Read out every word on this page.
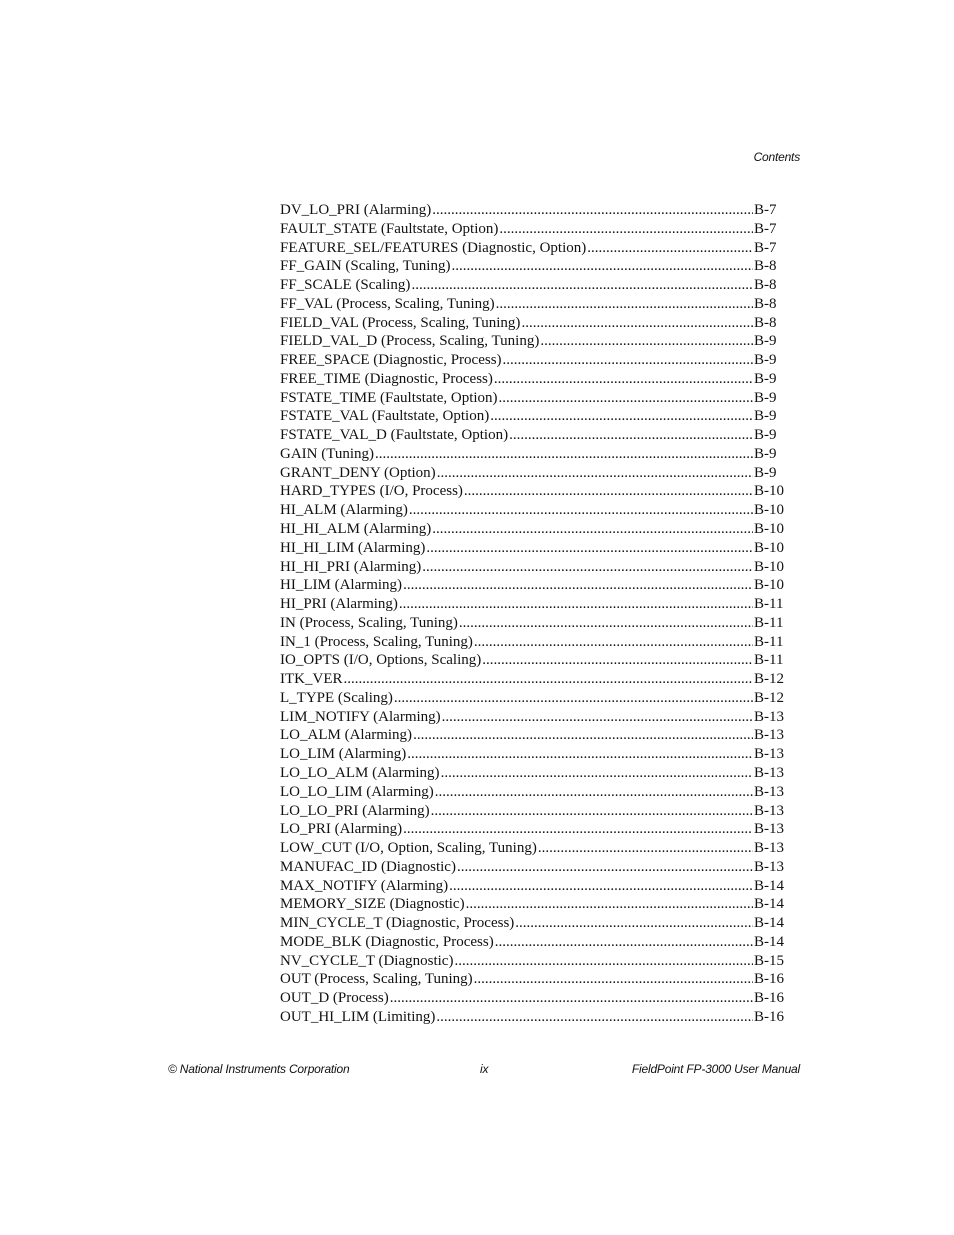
Contents
DV_LO_PRI (Alarming) .....	B-7
FAULT_STATE (Faultstate, Option) .....	B-7
FEATURE_SEL/FEATURES (Diagnostic, Option) .....	B-7
FF_GAIN (Scaling, Tuning) .....	B-8
FF_SCALE (Scaling) .....	B-8
FF_VAL (Process, Scaling, Tuning) .....	B-8
FIELD_VAL (Process, Scaling, Tuning) .....	B-8
FIELD_VAL_D (Process, Scaling, Tuning) .....	B-9
FREE_SPACE (Diagnostic, Process) .....	B-9
FREE_TIME (Diagnostic, Process) .....	B-9
FSTATE_TIME (Faultstate, Option) .....	B-9
FSTATE_VAL (Faultstate, Option) .....	B-9
FSTATE_VAL_D (Faultstate, Option) .....	B-9
GAIN (Tuning) .....	B-9
GRANT_DENY (Option) .....	B-9
HARD_TYPES (I/O, Process) .....	B-10
HI_ALM (Alarming) .....	B-10
HI_HI_ALM (Alarming) .....	B-10
HI_HI_LIM (Alarming) .....	B-10
HI_HI_PRI (Alarming) .....	B-10
HI_LIM (Alarming) .....	B-10
HI_PRI (Alarming) .....	B-11
IN (Process, Scaling, Tuning) .....	B-11
IN_1 (Process, Scaling, Tuning) .....	B-11
IO_OPTS (I/O, Options, Scaling) .....	B-11
ITK_VER .....	B-12
L_TYPE (Scaling) .....	B-12
LIM_NOTIFY (Alarming) .....	B-13
LO_ALM (Alarming) .....	B-13
LO_LIM (Alarming) .....	B-13
LO_LO_ALM (Alarming) .....	B-13
LO_LO_LIM (Alarming) .....	B-13
LO_LO_PRI (Alarming) .....	B-13
LO_PRI (Alarming) .....	B-13
LOW_CUT (I/O, Option, Scaling, Tuning) .....	B-13
MANUFAC_ID (Diagnostic) .....	B-13
MAX_NOTIFY (Alarming) .....	B-14
MEMORY_SIZE (Diagnostic) .....	B-14
MIN_CYCLE_T (Diagnostic, Process) .....	B-14
MODE_BLK (Diagnostic, Process) .....	B-14
NV_CYCLE_T (Diagnostic) .....	B-15
OUT (Process, Scaling, Tuning) .....	B-16
OUT_D (Process) .....	B-16
OUT_HI_LIM (Limiting) .....	B-16
© National Instruments Corporation	ix	FieldPoint FP-3000 User Manual
